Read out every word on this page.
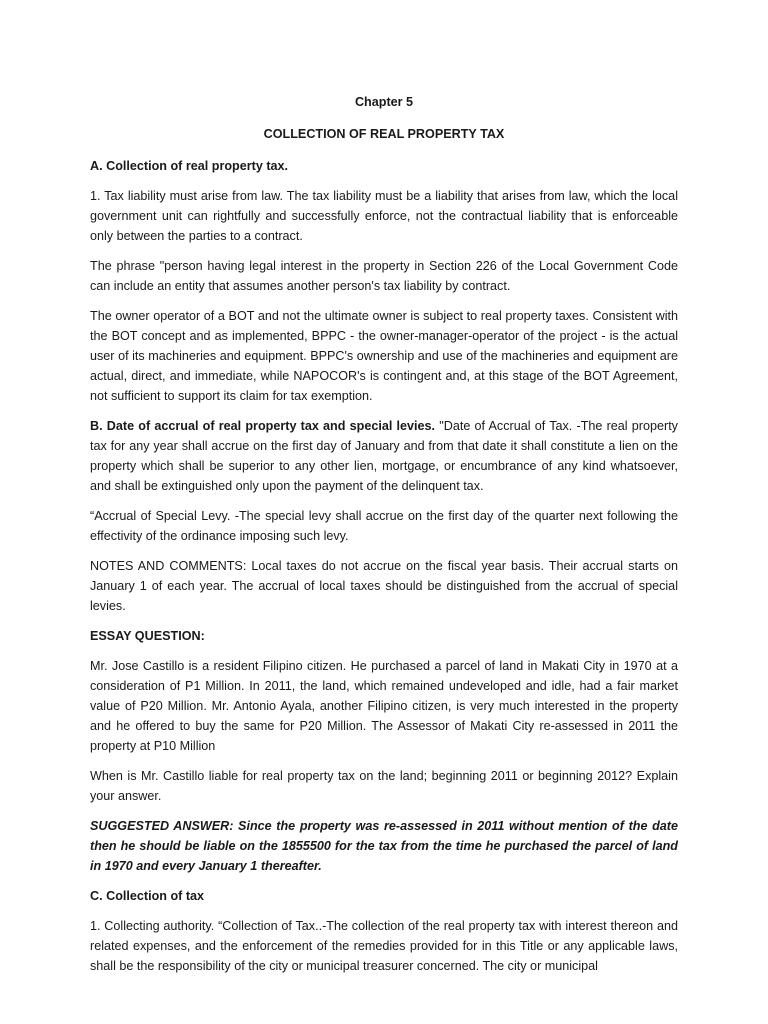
Chapter 5
COLLECTION OF REAL PROPERTY TAX
A. Collection of real property tax.

1. Tax liability must arise from law. The tax liability must be a liability that arises from law, which the local government unit can rightfully and successfully enforce, not the contractual liability that is enforceable only between the parties to a contract.

The phrase "person having legal interest in the property in Section 226 of the Local Government Code can include an entity that assumes another person's tax liability by contract.

The owner operator of a BOT and not the ultimate owner is subject to real property taxes. Consistent with the BOT concept and as implemented, BPPC - the owner-manager-operator of the project - is the actual user of its machineries and equipment. BPPC's ownership and use of the machineries and equipment are actual, direct, and immediate, while NAPOCOR's is contingent and, at this stage of the BOT Agreement, not sufficient to support its claim for tax exemption.

B. Date of accrual of real property tax and special levies. "Date of Accrual of Tax. -The real property tax for any year shall accrue on the first day of January and from that date it shall constitute a lien on the property which shall be superior to any other lien, mortgage, or encumbrance of any kind whatsoever, and shall be extinguished only upon the payment of the delinquent tax.

“Accrual of Special Levy. -The special levy shall accrue on the first day of the quarter next following the effectivity of the ordinance imposing such levy.

NOTES AND COMMENTS: Local taxes do not accrue on the fiscal year basis. Their accrual starts on January 1 of each year. The accrual of local taxes should be distinguished from the accrual of special levies.

ESSAY QUESTION:

Mr. Jose Castillo is a resident Filipino citizen. He purchased a parcel of land in Makati City in 1970 at a consideration of P1 Million. In 2011, the land, which remained undeveloped and idle, had a fair market value of P20 Million. Mr. Antonio Ayala, another Filipino citizen, is very much interested in the property and he offered to buy the same for P20 Million. The Assessor of Makati City re-assessed in 2011 the property at P10 Million

When is Mr. Castillo liable for real property tax on the land; beginning 2011 or beginning 2012? Explain your answer.

SUGGESTED ANSWER: Since the property was re-assessed in 2011 without mention of the date then he should be liable on the 1855500 for the tax from the time he purchased the parcel of land in 1970 and every January 1 thereafter.

C. Collection of tax

1. Collecting authority. “Collection of Tax..-The collection of the real property tax with interest thereon and related expenses, and the enforcement of the remedies provided for in this Title or any applicable laws, shall be the responsibility of the city or municipal treasurer concerned. The city or municipal
